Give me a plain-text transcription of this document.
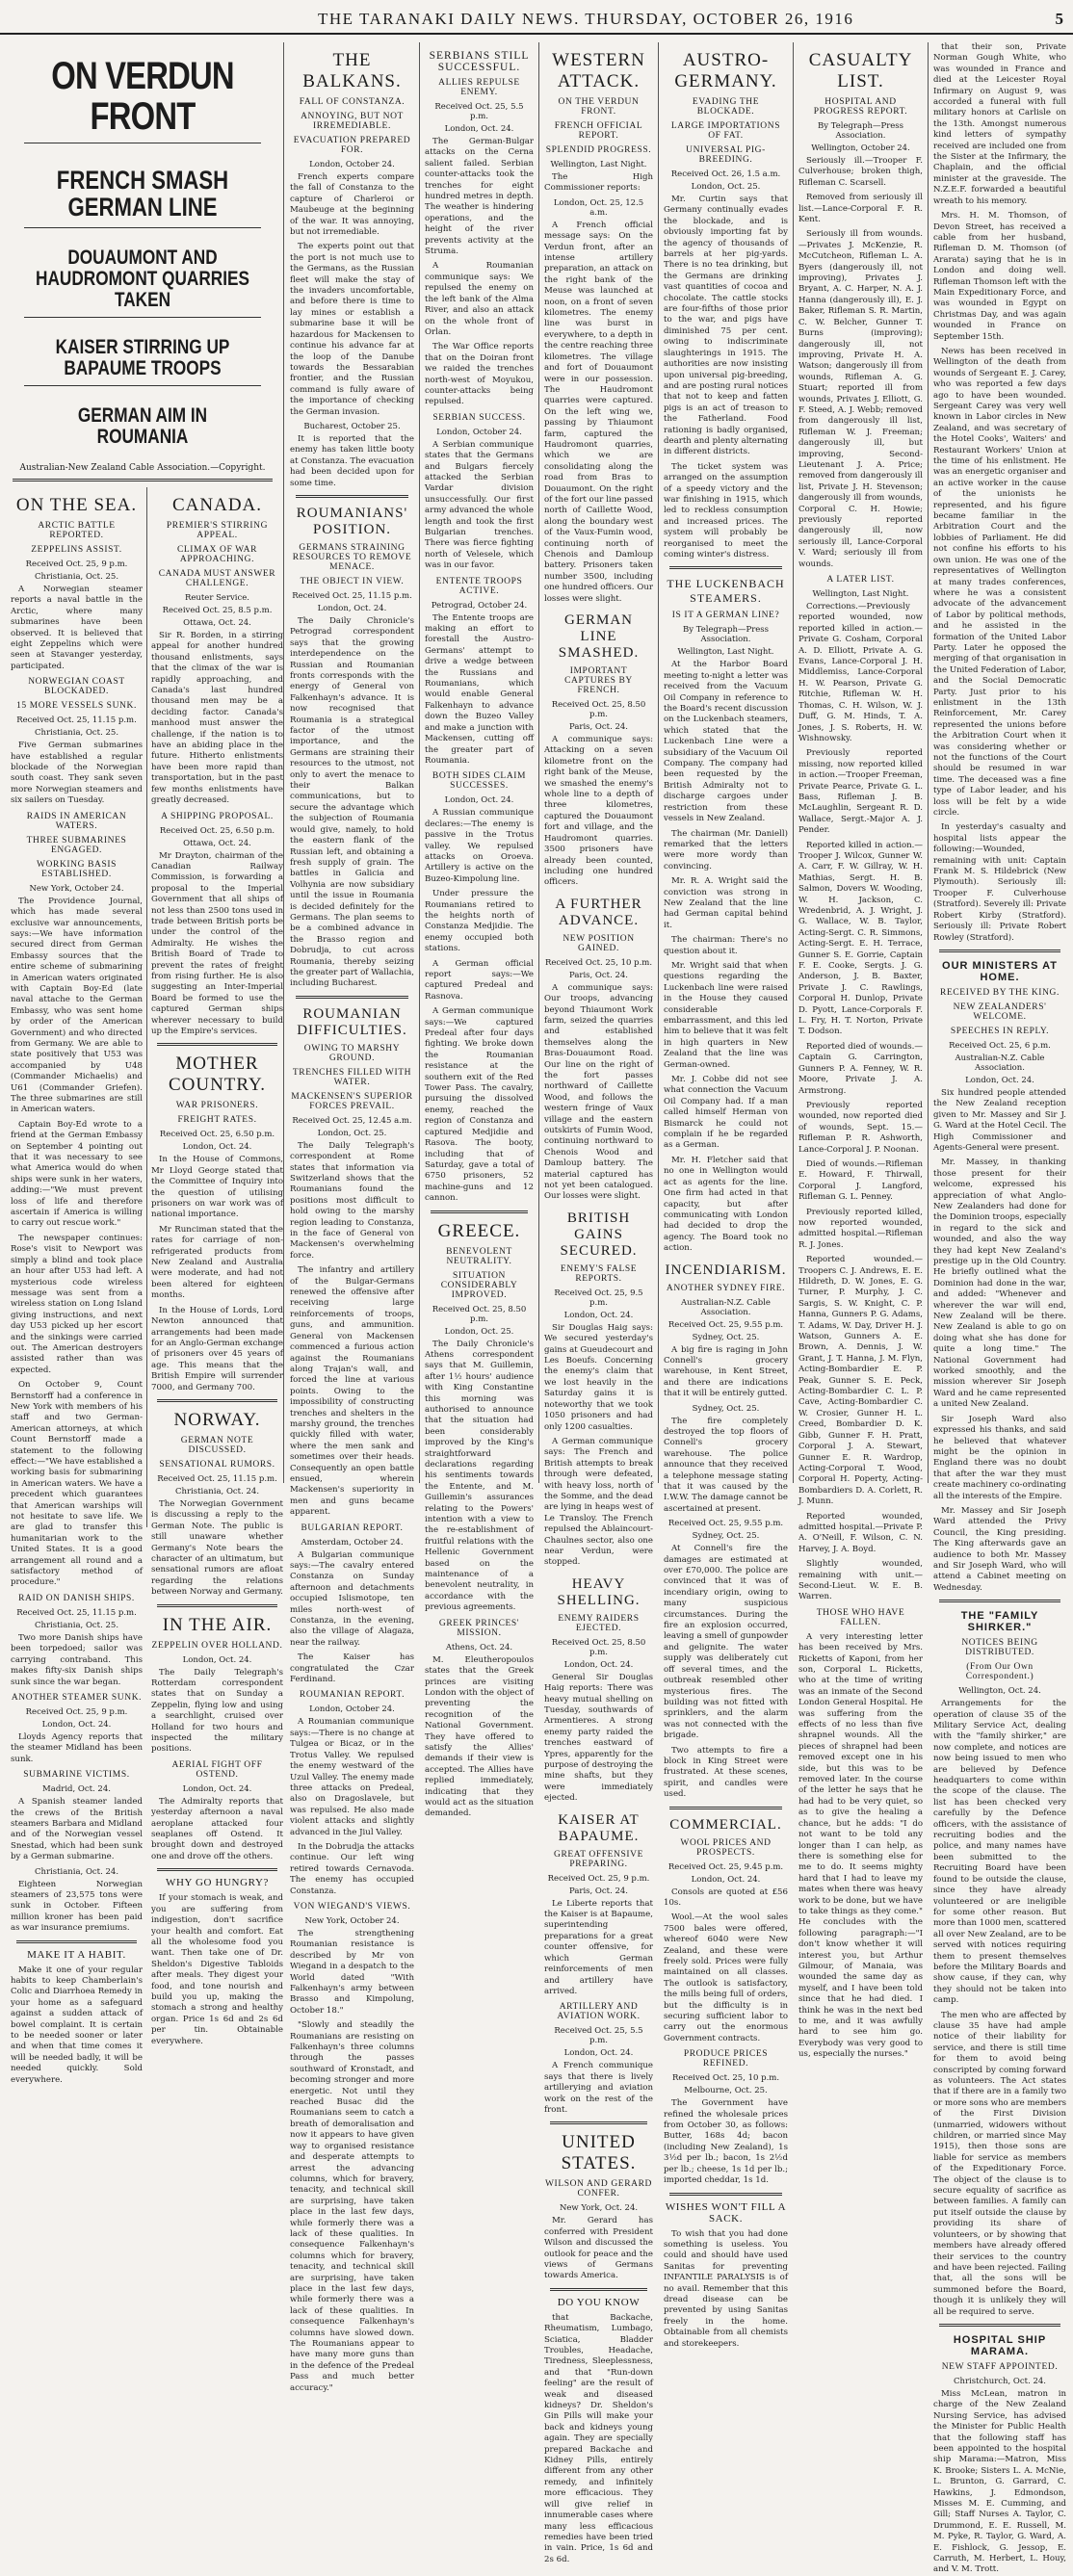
THE TARANAKI DAILY NEWS. THURSDAY, OCTOBER 26, 1916	5
ON VERDUN FRONT
FRENCH SMASH GERMAN LINE
DOUAUMONT AND HAUDROMONT QUARRIES TAKEN
KAISER STIRRING UP BAPAUME TROOPS
GERMAN AIM IN ROUMANIA
Australian-New Zealand Cable Association.—Copyright.
ON THE SEA.
ARCTIC BATTLE REPORTED.
ZEPPELINS ASSIST.
Received Oct. 25, 9 p.m.
Christiania, Oct. 25.
A Norwegian steamer reports a naval battle in the Arctic, where many submarines have been observed. It is believed that eight Zeppelins which were seen at Stavanger yesterday, participated.
NORWEGIAN COAST BLOCKADED.
15 MORE VESSELS SUNK.
Received Oct. 25, 11.15 p.m.
Christiania, Oct. 25.
Five German submarines have established a regular blockade of the Norwegian south coast. They sank seven more Norwegian steamers and six sailers on Tuesday.
RAIDS IN AMERICAN WATERS.
THREE SUBMARINES ENGAGED.
WORKING BASIS ESTABLISHED.
New York, October 24.
The Providence Journal, which has made several exclusive war announcements, says:—We have information secured direct from German Embassy sources that the entire scheme of submarining in American waters originated with Captain Boy-Ed (late naval attache to the German Embassy, who was sent home by order of the American Government) and who directed from Germany. We are able to state positively that U53 was accompanied by U48 (Commander Michaelis) and U61 (Commander Griefen). The three submarines are still in American waters.
Captain Boy-Ed wrote to a friend at the German Embassy on September 4 pointing out that it was necessary to see what America would do when ships were sunk in her waters, adding:—"We must prevent loss of life and therefore ascertain if America is willing to carry out rescue work."
The newspaper continues: Rose's visit to Newport was simply a blind and took place an hour after U53 had left. A mysterious code wireless message was sent from a wireless station on Long Island giving instructions, and next day U53 picked up her escort and the sinkings were carried out. The American destroyers assisted rather than was expected.
On October 9, Count Bernstorff had a conference in New York with members of his staff and two German-American attorneys, at which Count Bernstorff made a statement to the following effect:—"We have established a working basis for submarining in American waters. We have a precedent which guarantees that American warships will not hesitate to save life. We are glad to transfer this humanitarian work to the United States. It is a good arrangement all round and a satisfactory method of procedure."
RAID ON DANISH SHIPS.
Received Oct. 25, 11.15 p.m.
Christiania, Oct. 25.
Two more Danish ships have been torpedoed; sailor was carrying contraband. This makes fifty-six Danish ships sunk since the war began.
ANOTHER STEAMER SUNK.
Received Oct. 25, 9 p.m.
London, Oct. 24.
Lloyds Agency reports that the steamer Midland has been sunk.
SUBMARINE VICTIMS.
Madrid, Oct. 24.
A Spanish steamer landed the crews of the British steamers Barbara and Midland and of the Norwegian vessel Snestad, which had been sunk by a German submarine.
Christiania, Oct. 24.
Eighteen Norwegian steamers of 23,575 tons were sunk in October. Fifteen million kroner has been paid as war insurance premiums.
MAKE IT A HABIT.
Make it one of your regular habits to keep Chamberlain's Colic and Diarrhoea Remedy in your home as a safeguard against a sudden attack of bowel complaint. It is certain to be needed sooner or later and when that time comes it will be needed badly, it will be needed quickly. Sold everywhere.
CANADA.
PREMIER'S STIRRING APPEAL.
CLIMAX OF WAR APPROACHING.
CANADA MUST ANSWER CHALLENGE.
Reuter Service.
Received Oct. 25, 8.5 p.m.
Ottawa, Oct. 24.
Sir R. Borden, in a stirring appeal for another hundred thousand enlistments, says that the climax of the war is rapidly approaching, and Canada's last hundred thousand men may be a deciding factor. Canada's manhood must answer the challenge, if the nation is to have an abiding place in the future. Hitherto enlistments have been more rapid than transportation, but in the past few months enlistments have greatly decreased.
A SHIPPING PROPOSAL.
Received Oct. 25, 6.50 p.m.
Ottawa, Oct. 24.
Mr Drayton, chairman of the Canadian Railway Commission, is forwarding a proposal to the Imperial Government that all ships of not less than 2500 tons used in trade between British ports be under the control of the Admiralty. He wishes the British Board of Trade to prevent the rates of freight from rising further. He is also suggesting an Inter-Imperial Board be formed to use the captured German ships wherever necessary to build up the Empire's services.
MOTHER COUNTRY.
WAR PRISONERS.
FREIGHT RATES.
Received Oct. 25, 6.50 p.m.
London, Oct. 24.
In the House of Commons, Mr Lloyd George stated that the Committee of Inquiry into the question of utilising prisoners on war work was of national importance.
Mr Runciman stated that the rates for carriage of non-refrigerated products from New Zealand and Australia were moderate, and had not been altered for eighteen months.
In the House of Lords, Lord Newton announced that arrangements had been made for an Anglo-German exchange of prisoners over 45 years of age. This means that the British Empire will surrender 7000, and Germany 700.
NORWAY.
GERMAN NOTE DISCUSSED.
SENSATIONAL RUMORS.
Received Oct. 25, 11.15 p.m.
Christiania, Oct. 24.
The Norwegian Government is discussing a reply to the German Note. The public is still unaware whether Germany's Note bears the character of an ultimatum, but sensational rumors are afloat regarding the relations between Norway and Germany.
IN THE AIR.
ZEPPELIN OVER HOLLAND.
London, Oct. 24.
The Daily Telegraph's Rotterdam correspondent states that on Sunday a Zeppelin, flying low and using a searchlight, cruised over Holland for two hours and inspected the military positions.
AERIAL FIGHT OFF OSTEND.
London, Oct. 24.
The Admiralty reports that yesterday afternoon a naval aeroplane attacked four seaplanes off Ostend. It brought down and destroyed one and drove off the others.
WHY GO HUNGRY?
If your stomach is weak, and you are suffering from indigestion, don't sacrifice your health and comfort. Eat all the wholesome food you want. Then take one of Dr. Sheldon's Digestive Tabloids after meals. They digest your food, and tone nourish and build you up, making the stomach a strong and healthy organ. Price 1s 6d and 2s 6d per tin. Obtainable everywhere.
THE BALKANS.
FALL OF CONSTANZA.
ANNOYING, BUT NOT IRREMEDIABLE.
EVACUATION PREPARED FOR.
London, October 24.
French experts compare the fall of Constanza to the capture of Charleroi or Maubeuge at the beginning of the war. It was annoying, but not irremediable.
The experts point out that the port is not much use to the Germans, as the Russian fleet will make the stay of the invaders uncomfortable, and before there is time to lay mines or establish a submarine base it will be hazardous for Mackensen to continue his advance far at the loop of the Danube towards the Bessarabian frontier, and the Russian command is fully aware of the importance of checking the German invasion.
Bucharest, October 25.
It is reported that the enemy has taken little booty at Constanza. The evacuation had been decided upon for some time.
ROUMANIANS' POSITION.
GERMANS STRAINING RESOURCES TO REMOVE MENACE.
THE OBJECT IN VIEW.
Received Oct. 25, 11.15 p.m.
London, Oct. 24.
The Daily Chronicle's Petrograd correspondent says that the growing interdependence on the Russian and Roumanian fronts corresponds with the energy of General von Falkenhayn's advance. It is now recognised that Roumania is a strategical factor of the utmost importance, and the Germans are straining their resources to the utmost, not only to avert the menace to their Balkan communications, but to secure the advantage which the subjection of Roumania would give, namely, to hold the eastern flank of the Russian left, and obtaining a fresh supply of grain. The battles in Galicia and Volhynia are now subsidiary until the issue in Roumania is decided definitely for the Germans. The plan seems to be a combined advance in the Brasso region and Dobrudja, to cut across Roumania, thereby seizing the greater part of Wallachia, including Bucharest.
ROUMANIAN DIFFICULTIES.
OWING TO MARSHY GROUND.
TRENCHES FILLED WITH WATER.
MACKENSEN'S SUPERIOR FORCES PREVAIL.
Received Oct. 25, 12.45 a.m.
London, Oct. 25.
The Daily Telegraph's correspondent at Rome states that information via Switzerland shows that the Roumanians found the positions most difficult to hold owing to the marshy region leading to Constanza, in the face of General von Mackensen's overwhelming force.
The infantry and artillery of the Bulgar-Germans renewed the offensive after receiving large reinforcements of troops, guns, and ammunition. General von Mackensen commenced a furious action against the Roumanians along Trajan's wall, and forced the line at various points. Owing to the impossibility of constructing trenches and shelters in the marshy ground, the trenches quickly filled with water, where the men sank and sometimes over their heads. Consequently an open battle ensued, wherein Mackensen's superiority in men and guns became apparent.
BULGARIAN REPORT.
Amsterdam, October 24.
A Bulgarian communique says:—The cavalry entered Constanza on Sunday afternoon and detachments occupied Islismotope, ten miles north-west of Constanza, in the evening, also the village of Alagaza, near the railway.
The Kaiser has congratulated the Czar Ferdinand.
ROUMANIAN REPORT.
London, October 24.
A Roumanian communique says:—There is no change at Tulgea or Bicaz, or in the Trotus Valley. We repulsed the enemy westward of the Uzul Valley. The enemy made three attacks on Predeal, also on Dragoslavele, but was repulsed. He also made violent attacks and slightly advanced in the Jiul Valley.
In the Dobrudja the attacks continue. Our left wing retired towards Cernavoda. The enemy has occupied Constanza.
VON WIEGAND'S VIEWS.
New York, October 24.
The strengthening Roumanian resistance is described by Mr von Wiegand in a despatch to the World dated "With Falkenhayn's army between Brasso and Kimpolung, October 18."
"Slowly and steadily the Roumanians are resisting on Falkenhayn's three columns through the passes southward of Kronstadt, and becoming stronger and more energetic. Not until they reached Busac did the Roumanians seem to catch a breath of demoralisation and now it appears to have given way to organised resistance and desperate attempts to arrest the advancing columns, which for bravery, tenacity, and technical skill are surprising, have taken place in the last few days, while formerly there was a lack of these qualities. In consequence Falkenhayn's columns which for bravery, tenacity, and technical skill are surprising, have taken place in the last few days, while formerly there was a lack of these qualities. In consequence Falkenhayn's columns have slowed down. The Roumanians appear to have many more guns than in the defence of the Predeal Pass and much better accuracy."
SERBIANS STILL SUCCESSFUL.
ALLIES REPULSE ENEMY.
Received Oct. 25, 5.5 p.m.
London, Oct. 24.
The German-Bulgar attacks on the Cerna salient failed. Serbian counter-attacks took the trenches for eight hundred metres in depth. The weather is hindering operations, and the height of the river prevents activity at the Struma.
A Roumanian communique says: We repulsed the enemy on the left bank of the Alma River, and also an attack on the whole front of Orlan.
The War Office reports that on the Doiran front we raided the trenches north-west of Moyukou, counter-attacks being repulsed.
SERBIAN SUCCESS.
London, October 24.
A Serbian communique states that the Germans and Bulgars fiercely attacked the Serbian Vardar division unsuccessfully. Our first army advanced the whole length and took the first Bulgarian trenches. There was fierce fighting north of Velesele, which was in our favor.
ENTENTE TROOPS ACTIVE.
Petrograd, October 24.
The Entente troops are making an effort to forestall the Austro-Germans' attempt to drive a wedge between the Russians and Roumanians, which would enable General Falkenhayn to advance down the Buzeo Valley and make a junction with Mackensen, cutting off the greater part of Roumania.
BOTH SIDES CLAIM SUCCESSES.
London, Oct. 24.
A Russian communique declares:—The enemy is passive in the Trotus valley. We repulsed attacks on Oroeva. Artillery is active on the Buzeo-Kimpolung line.
Under pressure the Roumanians retired to the heights north of Constanza Medjidie. The enemy occupied both stations.
A German official report says:—We captured Predeal and Rasnova.
A German communique says:—We captured Predeal after four days fighting. We broke down the Roumanian resistance at the southern exit of the Red Tower Pass. The cavalry, pursuing the dissolved enemy, reached the region of Constanza and captured Medjidie and Rasova. The booty, including that of Saturday, gave a total of 6750 prisoners, 52 machine-guns and 12 cannon.
GREECE.
BENEVOLENT NEUTRALITY.
SITUATION CONSIDERABLY IMPROVED.
Received Oct. 25, 8.50 p.m.
London, Oct. 25.
The Daily Chronicle's Athens correspondent says that M. Guillemin, after 1½ hours' audience with King Constantine this morning was authorised to announce that the situation had been considerably improved by the King's straightforward declarations regarding his sentiments towards the Entente, and M. Guillemin's assurances relating to the Powers' intention with a view to the re-establishment of fruitful relations with the Hellenic Government based on the maintenance of a benevolent neutrality, in accordance with the previous agreements.
GREEK PRINCES' MISSION.
Athens, Oct. 24.
M. Eleutheropoulos states that the Greek princes are visiting London with the object of preventing the recognition of the National Government. They have offered to satisfy the Allies' demands if their view is accepted. The Allies have replied immediately, indicating that they would act as the situation demanded.
WESTERN ATTACK.
ON THE VERDUN FRONT.
FRENCH OFFICIAL REPORT.
SPLENDID PROGRESS.
Wellington, Last Night.
The High Commissioner reports:
London, Oct. 25, 12.5 a.m.
A French official message says: On the Verdun front, after an intense artillery preparation, an attack on the right bank of the Meuse was launched at noon, on a front of seven kilometres. The enemy line was burst in everywhere, to a depth in the centre reaching three kilometres. The village and fort of Douaumont were in our possession. The Haudromont quarries were captured. On the left wing we, passing by Thiaumont farm, captured the Haudromont quarries, which we are consolidating along the road from Bras to Douaumont. On the right of the fort our line passed north of Caillette Wood, along the boundary west of the Vaux-Fumin wood, continuing north of Chenois and Damloup battery. Prisoners taken number 3500, including one hundred officers. Our losses were slight.
GERMAN LINE SMASHED.
IMPORTANT CAPTURES BY FRENCH.
Received Oct. 25, 8.50 p.m.
Paris, Oct. 24.
A communique says: Attacking on a seven kilometre front on the right bank of the Meuse, we smashed the enemy's whole line to a depth of three kilometres, captured the Douaumont fort and village, and the Haudromont quarries. 3500 prisoners have already been counted, including one hundred officers.
A FURTHER ADVANCE.
NEW POSITION GAINED.
Received Oct. 25, 10 p.m.
Paris, Oct. 24.
A communique says: Our troops, advancing beyond Thiaumont Work farm, seized the quarries and established themselves along the Bras-Douaumont Road. Our line on the right of the fort passes northward of Caillette Wood, and follows the western fringe of Vaux village and the eastern outskirts of Fumin Wood, continuing northward to Chenois Wood and Damloup battery. The material captured has not yet been catalogued. Our losses were slight.
BRITISH GAINS SECURED.
ENEMY'S FALSE REPORTS.
Received Oct. 25, 9.5 p.m.
London, Oct. 24.
Sir Douglas Haig says: We secured yesterday's gains at Gueudecourt and Les Boeufs. Concerning the enemy's claim that we lost heavily in the Saturday gains it is noteworthy that we took 1050 prisoners and had only 1200 casualties.
A German communique says: The French and British attempts to break through were defeated, with heavy loss, north of the Somme, and the dead are lying in heaps west of Le Transloy. The French repulsed the Ablaincourt-Chaulnes sector, also one near Verdun, were stopped.
HEAVY SHELLING.
ENEMY RAIDERS EJECTED.
Received Oct. 25, 8.50 p.m.
London, Oct. 24.
General Sir Douglas Haig reports: There was heavy mutual shelling on Tuesday, southwards of Armentieres. A strong enemy party raided the trenches eastward of Ypres, apparently for the purpose of destroying the mine shafts, but they were immediately ejected.
KAISER AT BAPAUME.
GREAT OFFENSIVE PREPARING.
Received Oct. 25, 9 p.m.
Paris, Oct. 24.
Le Liberte reports that the Kaiser is at Bapaume, superintending preparations for a great counter offensive, for which German reinforcements of men and artillery have arrived.
ARTILLERY AND AVIATION WORK.
Received Oct. 25, 5.5 p.m.
London, Oct. 24.
A French communique says that there is lively artillerying and aviation work on the rest of the front.
UNITED STATES.
WILSON AND GERARD CONFER.
New York, Oct. 24.
Mr. Gerard has conferred with President Wilson and discussed the outlook for peace and the views of Germans towards America.
DO YOU KNOW
that Backache, Rheumatism, Lumbago, Sciatica, Bladder Troubles, Headache, Tiredness, Sleeplessness, and that "Run-down feeling" are the result of weak and diseased kidneys? Dr. Sheldon's Gin Pills will make your back and kidneys young again. They are specially prepared Backache and Kidney Pills, entirely different from any other remedy, and infinitely more efficacious. They will give relief in innumerable cases where many less efficacious remedies have been tried in vain. Price, 1s 6d and 2s 6d.
AUSTRO-GERMANY.
EVADING THE BLOCKADE.
LARGE IMPORTATIONS OF FAT.
UNIVERSAL PIG-BREEDING.
Received Oct. 26, 1.5 a.m.
London, Oct. 25.
Mr. Curtin says that Germany continually evades the blockade, and is obviously importing fat by the agency of thousands of barrels at her pig-yards. There is no tea drinking, but the Germans are drinking vast quantities of cocoa and chocolate. The cattle stocks are four-fifths of those prior to the war, and pigs have diminished 75 per cent. owing to indiscriminate slaughterings in 1915. The authorities are now insisting upon universal pig-breeding, and are posting rural notices that not to keep and fatten pigs is an act of treason to the Fatherland. Food rationing is badly organised, dearth and plenty alternating in different districts.
The ticket system was arranged on the assumption of a speedy victory and the war finishing in 1915, which led to reckless consumption and increased prices. The system will probably be reorganised to meet the coming winter's distress.
THE LUCKENBACH STEAMERS.
IS IT A GERMAN LINE?
By Telegraph—Press Association.
Wellington, Last Night.
At the Harbor Board meeting to-night a letter was received from the Vacuum Oil Company in reference to the Board's recent discussion on the Luckenbach steamers, which stated that the Luckenbach Line were a subsidiary of the Vacuum Oil Company. The company had been requested by the British Admiralty not to discharge cargoes under restriction from these vessels in New Zealand.
The chairman (Mr. Daniell) remarked that the letters were more wordy than convincing.
Mr. R. A. Wright said the conviction was strong in New Zealand that the line had German capital behind it.
The chairman: There's no question about it.
Mr. Wright said that when questions regarding the Luckenbach line were raised in the House they caused considerable embarrassment, and this led him to believe that it was felt in high quarters in New Zealand that the line was German-owned.
Mr. J. Cobbe did not see what connection the Vacuum Oil Company had. If a man called himself Herman von Bismarck he could not complain if he be regarded as a German.
Mr. H. Fletcher said that no one in Wellington would act as agents for the line. One firm had acted in that capacity, but after communicating with London had decided to drop the agency. The Board took no action.
INCENDIARISM.
ANOTHER SYDNEY FIRE.
Australian-N.Z. Cable Association.
Received Oct. 25, 9.55 p.m.
Sydney, Oct. 25.
A big fire is raging in John Connell's grocery warehouse, in Kent Street, and there are indications that it will be entirely gutted.
Sydney, Oct. 25.
The fire completely destroyed the top floors of Connell's grocery warehouse. The police announce that they received a telephone message stating that it was caused by the I.W.W. The damage cannot be ascertained at present.
Received Oct. 25, 9.55 p.m.
Sydney, Oct. 25.
At Connell's fire the damages are estimated at over £70,000. The police are convinced that it was of incendiary origin, owing to many suspicious circumstances. During the fire an explosion occurred, leaving a smell of gunpowder and gelignite. The water supply was deliberately cut off several times, and the outbreak resembled other mysterious fires. The building was not fitted with sprinklers, and the alarm was not connected with the brigade.
Two attempts to fire a block in King Street were frustrated. At these scenes, spirit, and candles were used.
COMMERCIAL.
WOOL PRICES AND PROSPECTS.
Received Oct. 25, 9.45 p.m.
London, Oct. 24.
Consols are quoted at £56 10s.
Wool.—At the wool sales 7500 bales were offered, whereof 6040 were New Zealand, and these were freely sold. Prices were fully maintained on all classes. The outlook is satisfactory, the mills being full of orders, but the difficulty is in securing sufficient labor to carry out the enormous Government contracts.
PRODUCE PRICES REFINED.
Received Oct. 25, 10 p.m.
Melbourne, Oct. 25.
The Government have refined the wholesale prices from October 30, as follows: Butter, 168s 4d; bacon (including New Zealand), 1s 3½d per lb.; bacon, 1s 2½d per lb.; cheese, 1s 1d per lb.; imported cheddar, 1s 1d.
WISHES WON'T FILL A SACK.
To wish that you had done something is useless. You could and should have used Sanitas for preventing INFANTILE PARALYSIS is of no avail. Remember that this dread disease can be prevented by using Sanitas freely in the home. Obtainable from all chemists and storekeepers.
CASUALTY LIST.
HOSPITAL AND PROGRESS REPORT.
By Telegraph—Press Association.
Wellington, October 24.
Seriously ill.—Trooper F. Culverhouse; broken thigh, Rifleman C. Scarsell.
Removed from seriously ill list.—Lance-Corporal F. R. Kent.
Seriously ill from wounds.—Privates J. McKenzie, R. McCutcheon, Rifleman L. A. Byers (dangerously ill, not improving), Privates J. Bryant, A. C. Harper, N. A. J. Hanna (dangerously ill), E. J. Baker, Rifleman S. R. Martin, C. W. Belcher, Gunner T. Burns (improving); dangerously ill, not improving, Private H. A. Watson; dangerously ill from wounds, Rifleman A. G. Stuart; reported ill from wounds, Privates J. Elliott, G. F. Steed, A. J. Webb; removed from dangerously ill list, Rifleman W. J. Freeman; dangerously ill, but improving, Second-Lieutenant J. A. Price; removed from dangerously ill list, Private J. H. Stevenson; dangerously ill from wounds, Corporal C. H. Howie; previously reported dangerously ill, now seriously ill, Lance-Corporal V. Ward; seriously ill from wounds.
A LATER LIST.
Wellington, Last Night.
Corrections.—Previously reported wounded, now reported killed in action.—Private G. Cosham, Corporal A. D. Elliott, Private A. G. Evans, Lance-Corporal J. H. Middlemiss, Lance-Corporal H. W. Pearson, Private G. Ritchie, Rifleman W. H. Thomas, C. H. Wilson, W. J. Duff, G. M. Hinds, T. A. Jones, J. S. Roberts, H. W. Wishnowsky.
Previously reported missing, now reported killed in action.—Trooper Freeman, Private Pearce, Private G. L. Bass, Rifleman J. B. McLaughlin, Sergeant R. D. Wallace, Sergt.-Major A. J. Pender.
Reported killed in action.—Trooper J. Wilcox, Gunner W. A. Carr, F. W. Gillray, W. H. Mathias, Sergt. H. B. Salmon, Dovers W. Wooding, W. H. Jackson, C. Wredenbrid, A. J. Wright, J. G. Wallace, W. B. Taylor, Acting-Sergt. C. R. Simmons, Acting-Sergt. E. H. Terrace, Gunner S. E. Gorrie, Captain F. E. Cooke, Sergts. J. G. Anderson, J. B. Baxter, Private J. C. Rawlings, Corporal H. Dunlop, Private D. Pyott, Lance-Corporals F. L. Fry, H. T. Norton, Private T. Dodson.
Reported died of wounds.—Captain G. Carrington, Gunners P. A. Fenney, W. R. Moore, Private J. A. Armstrong.
Previously reported wounded, now reported died of wounds, Sept. 15.—Rifleman P. R. Ashworth, Lance-Corporal J. P. Noonan.
Died of wounds.—Rifleman E. Howard, F. Thirwall, Corporal J. Langford, Rifleman G. L. Penney.
Previously reported killed, now reported wounded, admitted hospital.—Rifleman R. J. Jones.
Reported wounded.—Troopers C. J. Andrews, E. E. Hildreth, D. W. Jones, E. G. Turner, P. Murphy, J. C. Sargis, S. W. Knight, C. P. Hanna, Gunners P. G. Adams, T. Adams, W. Day, Driver H. J. Watson, Gunners A. E. Brown, A. Dennis, J. W. Grant, J. T. Hanna, J. M. Flyn, Acting-Bombardier E. P. Peak, Gunner S. E. Peck, Acting-Bombardier C. L. P. Cave, Acting-Bombardier C. W. Crosier, Gunner H. L. Creed, Bombardier D. K. Gibb, Gunner F. H. Pratt, Corporal J. A. Stewart, Gunner E. R. Wardrop, Acting-Corporal T. Wood, Corporal H. Poperty, Acting-Bombardiers D. A. Corlett, R. J. Munn.
Reported wounded, admitted hospital.—Private P. A. O'Neill, F. Wilson, C. N. Harvey, J. A. Boyd.
Slightly wounded, remaining with unit.—Second-Lieut. W. E. B. Warren.
THOSE WHO HAVE FALLEN.
A very interesting letter has been received by Mrs. Ricketts of Kaponi, from her son, Corporal L. Ricketts, who at the time of writing was an inmate of the Second London General Hospital. He was suffering from the effects of no less than five shrapnel wounds. All the pieces of shrapnel had been removed except one in his side, but this was to be removed later. In the course of the letter he says that he had had to be very quiet, so as to give the healing a chance, but he adds: "I do not want to be told any longer than I can help, as there is something else for me to do. It seems mighty hard that I had to leave my mates when there was heavy work to be done, but we have to take things as they come." He concludes with the following paragraph:—"I don't know whether it will interest you, but Arthur Gilmour, of Manaia, was wounded the same day as myself, and I have been told since that he had died. I think he was in the next bed to me, and it was awfully hard to see him go. Everybody was very good to us, especially the nurses."
that their son, Private Norman Gough White, who was wounded in France and died at the Leicester Royal Infirmary on August 9, was accorded a funeral with full military honors at Carlisle on the 13th. Amongst numerous kind letters of sympathy received are included one from the Sister at the Infirmary, the Chaplain, and the official minister at the graveside. The N.Z.E.F. forwarded a beautiful wreath to his memory.
Mrs. H. M. Thomson, of Devon Street, has received a cable from her husband, Rifleman D. M. Thomson (of Ararata) saying that he is in London and doing well. Rifleman Thomson left with the Main Expeditionary Force, and was wounded in Egypt on Christmas Day, and was again wounded in France on September 15th.
News has been received in Wellington of the death from wounds of Sergeant E. J. Carey, who was reported a few days ago to have been wounded. Sergeant Carey was very well known in Labor circles in New Zealand, and was secretary of the Hotel Cooks', Waiters' and Restaurant Workers' Union at the time of his enlistment. He was an energetic organiser and an active worker in the cause of the unionists he represented, and his figure became familiar in the Arbitration Court and the lobbies of Parliament. He did not confine his efforts to his own union. He was one of the representatives of Wellington at many trades conferences, where he was a consistent advocate of the advancement of Labor by political methods, and he assisted in the formation of the United Labor Party. Later he opposed the merging of that organisation in the United Federation of Labor, and the Social Democratic Party. Just prior to his enlistment in the 13th Reinforcement, Mr. Carey represented the unions before the Arbitration Court when it was considering whether or not the functions of the Court should be resumed in war time. The deceased was a fine type of Labor leader, and his loss will be felt by a wide circle.
In yesterday's casualty and hospital lists appear the following:—Wounded, remaining with unit: Captain Frank M. S. Hildebrick (New Plymouth). Seriously ill: Trooper F. Culverhouse (Stratford). Severely ill: Private Robert Kirby (Stratford). Seriously ill: Private Robert Rowley (Stratford).
OUR MINISTERS AT HOME.
RECEIVED BY THE KING.
NEW ZEALANDERS' WELCOME.
SPEECHES IN REPLY.
Received Oct. 25, 6 p.m.
Australian-N.Z. Cable Association.
London, Oct. 24.
Six hundred people attended the New Zealand reception given to Mr. Massey and Sir J. G. Ward at the Hotel Cecil. The High Commissioner and Agents-General were present.
Mr. Massey, in thanking those present for their welcome, expressed his appreciation of what Anglo-New Zealanders had done for the Dominion troops, especially in regard to the sick and wounded, and also the way they had kept New Zealand's prestige up in the Old Country. He briefly outlined what the Dominion had done in the war, and added: "Whenever and wherever the war will end, New Zealand will be there. New Zealand is able to go on doing what she has done for quite a long time." The National Government had worked smoothly, and the mission wherever Sir Joseph Ward and he came represented a united New Zealand.
Sir Joseph Ward also expressed his thanks, and said he believed that whatever might be the opinion in England there was no doubt that after the war they must create machinery co-ordinating all the interests of the Empire.
Mr. Massey and Sir Joseph Ward attended the Privy Council, the King presiding. The King afterwards gave an audience to both Mr. Massey and Sir Joseph Ward, who will attend a Cabinet meeting on Wednesday.
THE "FAMILY SHIRKER."
NOTICES BEING DISTRIBUTED.
(From Our Own Correspondent.)
Wellington, Oct. 24.
Arrangements for the operation of clause 35 of the Military Service Act, dealing with the "family shirker," are now complete, and notices are now being issued to men who are believed by Defence headquarters to come within the scope of the clause. The list has been checked very carefully by the Defence officers, with the assistance of recruiting bodies and the police, and many names have been submitted to the Recruiting Board have been found to be outside the clause, since they have already volunteered or are ineligible for some other reason. But more than 1000 men, scattered all over New Zealand, are to be served with notices requiring them to present themselves before the Military Boards and show cause, if they can, why they should not be taken into camp.
The men who are affected by clause 35 have had ample notice of their liability for service, and there is still time for them to avoid being conscripted by coming forward as volunteers. The Act states that if there are in a family two or more sons who are members of the First Division (unmarried, widowers without children, or married since May 1915), then those sons are liable for service as members of the Expeditionary Force. The object of the clause is to secure equality of sacrifice as between families. A family can put itself outside the clause by providing its share of volunteers, or by showing that members have already offered their services to the country and have been rejected. Failing that, all the sons will be summoned before the Board, though it is unlikely they will all be required to serve.
HOSPITAL SHIP MARAMA.
NEW STAFF APPOINTED.
Christchurch, Oct. 24.
Miss McLean, matron in charge of the New Zealand Nursing Service, has advised the Minister for Public Health that the following staff has been appointed to the hospital ship Marama:—Matron, Miss K. Brooke; Sisters L. A. McNie, L. Brunton, G. Garrard, C. Hawkins, J. Edmondson, Misses M. E. Cumming, and Gill; Staff Nurses A. Taylor, C. Drummond, E. E. Russell, M. M. Pyke, R. Taylor, G. Ward, A. E. Fishlock, G. Jessop, E. Carruth, M. Herbert, L. Houy, and V. M. Trott.
